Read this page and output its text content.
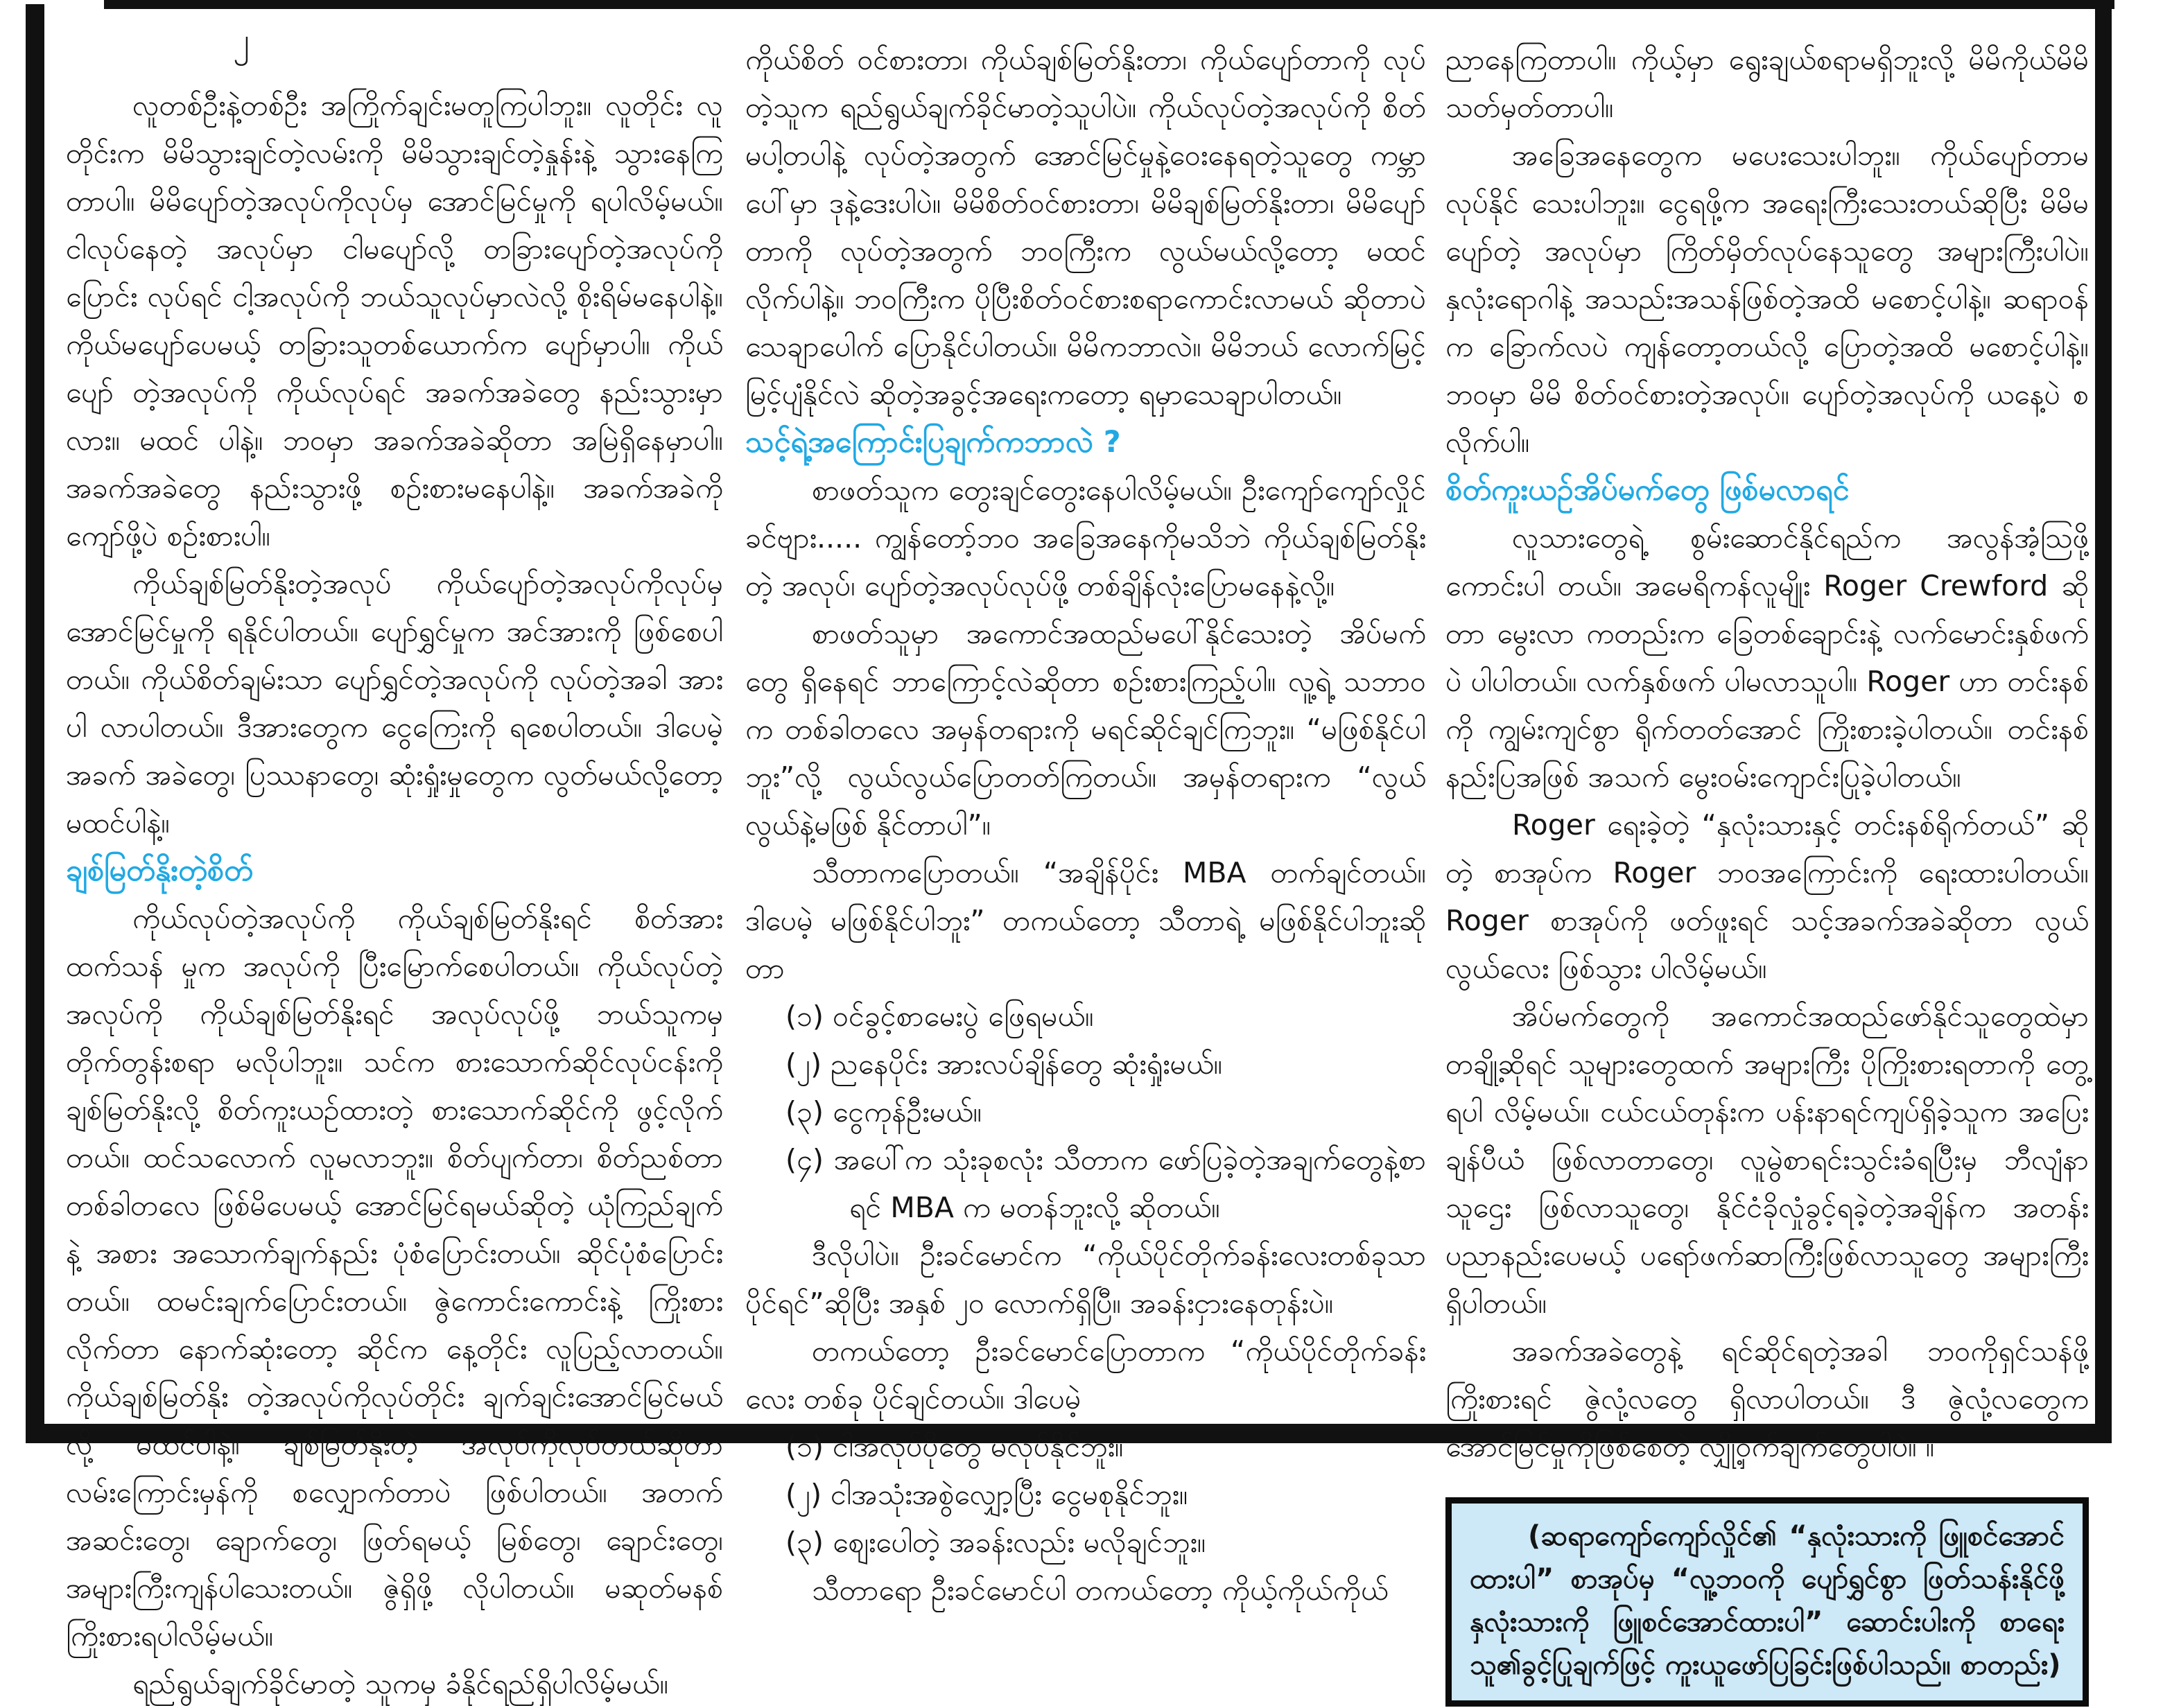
၂

လူတစ်ဦးနဲ့တစ်ဦး အကြိုက်ချင်းမတူကြပါဘူး။ လူတိုင်း လူတိုင်းက မိမိသွားချင်တဲ့လမ်းကို မိမိသွားချင်တဲ့နှုန်းနဲ့ သွားနေကြ တာပါ။ မိမိပျော်တဲ့အလုပ်ကိုလုပ်မှ အောင်မြင်မှုကို ရပါလိမ့်မယ်။ ငါလုပ်နေတဲ့ အလုပ်မှာ ငါမပျော်လို့ တခြားပျော်တဲ့အလုပ်ကို ပြောင်း လုပ်ရင် ငါ့အလုပ်ကို ဘယ်သူလုပ်မှာလဲလို့ စိုးရိမ်မနေပါနဲ့။ ကိုယ်မပျော်ပေမယ့် တခြားသူတစ်ယောက်က ပျော်မှာပါ။ ကိုယ်ပျော် တဲ့အလုပ်ကို ကိုယ်လုပ်ရင် အခက်အခဲတွေ နည်းသွားမှာလား။ မထင် ပါနဲ့။ ဘဝမှာ အခက်အခဲဆိုတာ အမြဲရှိနေမှာပါ။ အခက်အခဲတွေ နည်းသွားဖို့ စဉ်းစားမနေပါနဲ့။ အခက်အခဲကို ကျော်ဖို့ပဲ စဉ်းစားပါ။

ကိုယ်ချစ်မြတ်နိုးတဲ့အလုပ် ကိုယ်ပျော်တဲ့အလုပ်ကိုလုပ်မှ အောင်မြင်မှုကို ရနိုင်ပါတယ်။ ပျော်ရွှင်မှုက အင်အားကို ဖြစ်စေပါ တယ်။ ကိုယ်စိတ်ချမ်းသာ ပျော်ရွှင်တဲ့အလုပ်ကို လုပ်တဲ့အခါ အားပါ လာပါတယ်။ ဒီအားတွေက ငွေကြေးကို ရစေပါတယ်။ ဒါပေမဲ့ အခက် အခဲတွေ၊ ပြဿနာတွေ၊ ဆုံးရှုံးမှုတွေက လွတ်မယ်လို့တော့ မထင်ပါနဲ့။

ချစ်မြတ်နိုးတဲ့စိတ်

ကိုယ်လုပ်တဲ့အလုပ်ကို ကိုယ်ချစ်မြတ်နိုးရင် စိတ်အားထက်သန် မှုက အလုပ်ကို ပြီးမြောက်စေပါတယ်။ ကိုယ်လုပ်တဲ့အလုပ်ကို ကိုယ်ချစ်မြတ်နိုးရင် အလုပ်လုပ်ဖို့ ဘယ်သူကမှ တိုက်တွန်းစရာ မလိုပါဘူး။ သင်က စားသောက်ဆိုင်လုပ်ငန်းကို ချစ်မြတ်နိုးလို့ စိတ်ကူးယဉ်ထားတဲ့ စားသောက်ဆိုင်ကို ဖွင့်လိုက်တယ်။ ထင်သလောက် လူမလာဘူး။ စိတ်ပျက်တာ၊ စိတ်ညစ်တာ တစ်ခါတလေ ဖြစ်မိပေမယ့် အောင်မြင်ရမယ်ဆိုတဲ့ ယုံကြည်ချက်နဲ့ အစား အသောက်ချက်နည်း ပုံစံပြောင်းတယ်။ ဆိုင်ပုံစံပြောင်းတယ်။ ထမင်းချက်ပြောင်းတယ်။ ဇွဲကောင်းကောင်းနဲ့ ကြိုးစားလိုက်တာ နောက်ဆုံးတော့ ဆိုင်က နေ့တိုင်း လူပြည့်လာတယ်။ ကိုယ်ချစ်မြတ်နိုး တဲ့အလုပ်ကိုလုပ်တိုင်း ချက်ချင်းအောင်မြင်မယ်လို့ မထင်ပါနဲ့။ ချစ်မြတ်နိုးတဲ့ အလုပ်ကိုလုပ်တယ်ဆိုတာ လမ်းကြောင်းမှန်ကို စလျှောက်တာပဲ ဖြစ်ပါတယ်။ အတက်အဆင်းတွေ၊ ချောက်တွေ၊ ဖြတ်ရမယ့် မြစ်တွေ၊ ချောင်းတွေ၊ အများကြီးကျန်ပါသေးတယ်။ ဇွဲရှိဖို့ လိုပါတယ်။ မဆုတ်မနစ်ကြိုးစားရပါလိမ့်မယ်။

ရည်ရွယ်ချက်ခိုင်မာတဲ့ သူကမှ ခံနိုင်ရည်ရှိပါလိမ့်မယ်။

ကိုယ်စိတ် ဝင်စားတာ၊ ကိုယ်ချစ်မြတ်နိုးတာ၊ ကိုယ်ပျော်တာကို လုပ်တဲ့သူက ရည်ရွယ်ချက်ခိုင်မာတဲ့သူပါပဲ။ ကိုယ်လုပ်တဲ့အလုပ်ကို စိတ်မပါ့တပါနဲ့ လုပ်တဲ့အတွက် အောင်မြင်မှုနဲ့ဝေးနေရတဲ့သူတွေ ကမ္ဘာပေါ်မှာ ဒုနဲ့ဒေးပါပဲ။ မိမိစိတ်ဝင်စားတာ၊ မိမိချစ်မြတ်နိုးတာ၊ မိမိပျော်တာကို လုပ်တဲ့အတွက် ဘဝကြီးက လွယ်မယ်လို့တော့ မထင်လိုက်ပါနဲ့။ ဘဝကြီးက ပိုပြီးစိတ်ဝင်စားစရာကောင်းလာမယ် ဆိုတာပဲ သေချာပေါက် ပြောနိုင်ပါတယ်။ မိမိကဘာလဲ။ မိမိဘယ် လောက်မြင့်မြင့်ပျံနိုင်လဲ ဆိုတဲ့အခွင့်အရေးကတော့ ရမှာသေချာပါတယ်။

သင့်ရဲ့အကြောင်းပြချက်ကဘာလဲ ?

စာဖတ်သူက တွေးချင်တွေးနေပါလိမ့်မယ်။ ဦးကျော်ကျော်လှိုင် ခင်ဗျား..... ကျွန်တော့်ဘဝ အခြေအနေကိုမသိဘဲ ကိုယ်ချစ်မြတ်နိုးတဲ့ အလုပ်၊ ပျော်တဲ့အလုပ်လုပ်ဖို့ တစ်ချိန်လုံးပြောမနေနဲ့လို့။

စာဖတ်သူမှာ အကောင်အထည်မပေါ်နိုင်သေးတဲ့ အိပ်မက်တွေ ရှိနေရင် ဘာကြောင့်လဲဆိုတာ စဉ်းစားကြည့်ပါ။ လူ့ရဲ့ သဘာဝက တစ်ခါတလေ အမှန်တရားကို မရင်ဆိုင်ချင်ကြဘူး။ “မဖြစ်နိုင်ပါဘူး”လို့ လွယ်လွယ်ပြောတတ်ကြတယ်။ အမှန်တရားက “လွယ်လွယ်နဲ့မဖြစ် နိုင်တာပါ”။

သီတာကပြောတယ်။ “အချိန်ပိုင်း MBA တက်ချင်တယ်။ ဒါပေမဲ့ မဖြစ်နိုင်ပါဘူး” တကယ်တော့ သီတာရဲ့ မဖြစ်နိုင်ပါဘူးဆိုတာ

(၁) ဝင်ခွင့်စာမေးပွဲ ဖြေရမယ်။

(၂) ညနေပိုင်း အားလပ်ချိန်တွေ ဆုံးရှုံးမယ်။

(၃) ငွေကုန်ဦးမယ်။

(၄) အပေါ်က သုံးခုစလုံး သီတာက ဖော်ပြခဲ့တဲ့အချက်တွေနဲ့စာရင် MBA က မတန်ဘူးလို့ ဆိုတယ်။

ဒီလိုပါပဲ။ ဦးခင်မောင်က “ကိုယ်ပိုင်တိုက်ခန်းလေးတစ်ခုသာ ပိုင်ရင်”ဆိုပြီး အနှစ် ၂၀ လောက်ရှိပြီ။ အခန်းငှားနေတုန်းပဲ။

တကယ်တော့ ဦးခင်မောင်ပြောတာက “ကိုယ်ပိုင်တိုက်ခန်းလေး တစ်ခု ပိုင်ချင်တယ်။ ဒါပေမဲ့

(၁) ငါအလုပ်ပိုတွေ မလုပ်နိုင်ဘူး။

(၂) ငါအသုံးအစွဲလျှော့ပြီး ငွေမစုနိုင်ဘူး။

(၃) စျေးပေါတဲ့ အခန်းလည်း မလိုချင်ဘူး။

သီတာရော ဦးခင်မောင်ပါ တကယ်တော့ ကိုယ့်ကိုယ်ကိုယ်

ညာနေကြတာပါ။ ကိုယ့်မှာ ရွေးချယ်စရာမရှိဘူးလို့ မိမိကိုယ်မိမိ သတ်မှတ်တာပါ။

အခြေအနေတွေက မပေးသေးပါဘူး။ ကိုယ်ပျော်တာမလုပ်နိုင် သေးပါဘူး။ ငွေရဖို့က အရေးကြီးသေးတယ်ဆိုပြီး မိမိမပျော်တဲ့ အလုပ်မှာ ကြိတ်မှိတ်လုပ်နေသူတွေ အများကြီးပါပဲ။ နှလုံးရောဂါနဲ့ အသည်းအသန်ဖြစ်တဲ့အထိ မစောင့်ပါနဲ့။ ဆရာဝန်က ခြောက်လပဲ ကျန်တော့တယ်လို့ ပြောတဲ့အထိ မစောင့်ပါနဲ့။ ဘဝမှာ မိမိ စိတ်ဝင်စားတဲ့အလုပ်။ ပျော်တဲ့အလုပ်ကို ယနေ့ပဲ စလိုက်ပါ။

စိတ်ကူးယဉ်အိပ်မက်တွေ ဖြစ်မလာရင်

လူသားတွေရဲ့ စွမ်းဆောင်နိုင်ရည်က အလွန်အံ့သြဖို့ ကောင်းပါ တယ်။ အမေရိကန်လူမျိုး Roger Crewford ဆိုတာ မွေးလာ ကတည်းက ခြေတစ်ချောင်းနဲ့ လက်မောင်းနှစ်ဖက်ပဲ ပါပါတယ်။ လက်နှစ်ဖက် ပါမလာသူပါ။ Roger ဟာ တင်းနစ်ကို ကျွမ်းကျင်စွာ ရိုက်တတ်အောင် ကြိုးစားခဲ့ပါတယ်။ တင်းနစ်နည်းပြအဖြစ် အသက် မွေးဝမ်းကျောင်းပြုခဲ့ပါတယ်။

Roger ရေးခဲ့တဲ့ “နှလုံးသားနှင့် တင်းနစ်ရိုက်တယ်” ဆိုတဲ့ စာအုပ်က Roger ဘဝအကြောင်းကို ရေးထားပါတယ်။ Roger စာအုပ်ကို ဖတ်ဖူးရင် သင့်အခက်အခဲဆိုတာ လွယ်လွယ်လေး ဖြစ်သွား ပါလိမ့်မယ်။

အိပ်မက်တွေကို အကောင်အထည်ဖော်နိုင်သူတွေထဲမှာ တချို့ဆိုရင် သူများတွေထက် အများကြီး ပိုကြိုးစားရတာကို တွေ့ရပါ လိမ့်မယ်။ ငယ်ငယ်တုန်းက ပန်းနာရင်ကျပ်ရှိခဲ့သူက အပြေးချန်ပီယံ ဖြစ်လာတာတွေ၊ လူမွဲစာရင်းသွင်းခံရပြီးမှ ဘီလျံနာသူဌေး ဖြစ်လာသူတွေ၊ နိုင်ငံခိုလှုံခွင့်ရခဲ့တဲ့အချိန်က အတန်းပညာနည်းပေမယ့် ပရော်ဖက်ဆာကြီးဖြစ်လာသူတွေ အများကြီးရှိပါတယ်။

အခက်အခဲတွေနဲ့ ရင်ဆိုင်ရတဲ့အခါ ဘဝကိုရှင်သန်ဖို့ကြိုးစားရင် ဇွဲလုံ့လတွေ ရှိလာပါတယ်။ ဒီ ဇွဲလုံ့လတွေက အောင်မြင်မှုကိုဖြစ်စေတဲ့ လျှို့ဝှက်ချက်တွေပါပဲ။ ။

(ဆရာကျော်ကျော်လှိုင်၏ “နှလုံးသားကို ဖြူစင်အောင်ထားပါ” စာအုပ်မှ “လူ့ဘဝကို ပျော်ရွှင်စွာ ဖြတ်သန်းနိုင်ဖို့ နှလုံးသားကို ဖြူစင်အောင်ထားပါ” ဆောင်းပါးကို စာရေးသူ၏ခွင့်ပြုချက်ဖြင့် ကူးယူဖော်ပြခြင်းဖြစ်ပါသည်။ စာတည်း)
